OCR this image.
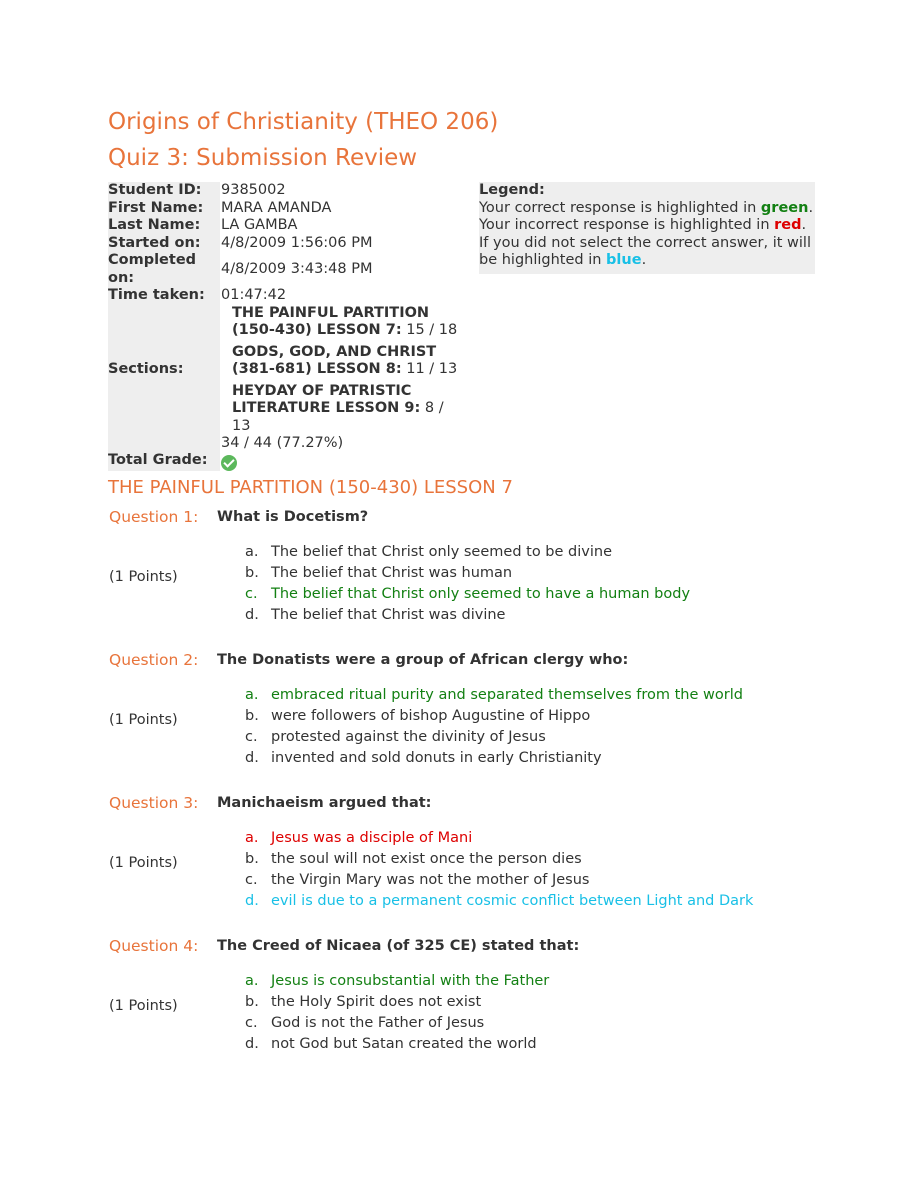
Origins of Christianity (THEO 206)
Quiz 3: Submission Review
Student ID:	9385002
First Name:	MARA AMANDA
Last Name:	LA GAMBA
Started on:	4/8/2009 1:56:06 PM
Completed on:	4/8/2009 3:43:48 PM
Time taken:	01:47:42
Sections:	THE PAINFUL PARTITION (150-430) LESSON 7: 15 / 18
GODS, GOD, AND CHRIST (381-681) LESSON 8: 11 / 13
HEYDAY OF PATRISTIC LITERATURE LESSON 9: 8 / 13

Total Grade:	34 / 44 (77.27%)
Legend:
Your correct response is highlighted in green.
Your incorrect response is highlighted in red.
If you did not select the correct answer, it will be highlighted in blue.
THE PAINFUL PARTITION (150-430) LESSON 7
Question 1: What is Docetism?
(1 Points)
a. The belief that Christ only seemed to be divine
b. The belief that Christ was human
c. The belief that Christ only seemed to have a human body
d. The belief that Christ was divine
Question 2: The Donatists were a group of African clergy who:
(1 Points)
a. embraced ritual purity and separated themselves from the world
b. were followers of bishop Augustine of Hippo
c. protested against the divinity of Jesus
d. invented and sold donuts in early Christianity
Question 3: Manichaeism argued that:
(1 Points)
a. Jesus was a disciple of Mani
b. the soul will not exist once the person dies
c. the Virgin Mary was not the mother of Jesus
d. evil is due to a permanent cosmic conflict between Light and Dark
Question 4: The Creed of Nicaea (of 325 CE) stated that:
(1 Points)
a. Jesus is consubstantial with the Father
b. the Holy Spirit does not exist
c. God is not the Father of Jesus
d. not God but Satan created the world
